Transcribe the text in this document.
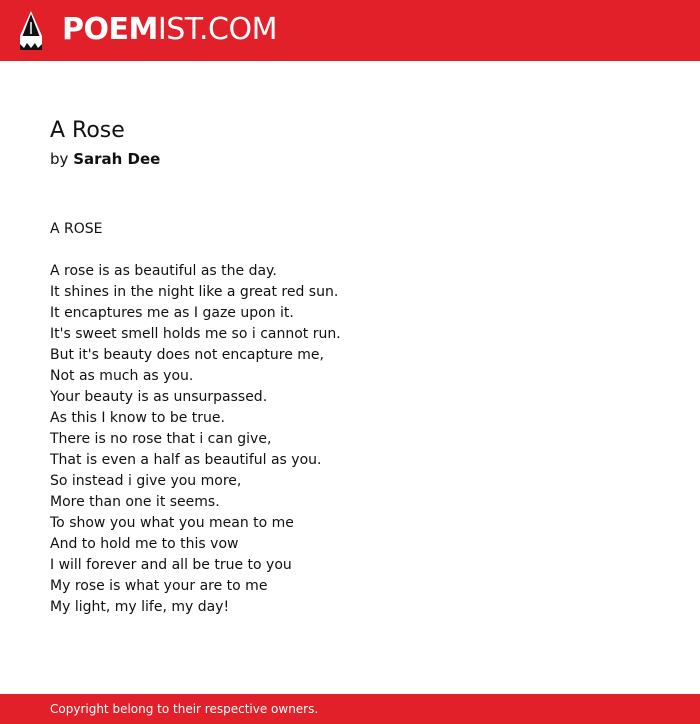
POEMIST.COM
A Rose
by Sarah Dee
A ROSE
A rose is as beautiful as the day.
It shines in the night like a great red sun.
It encaptures me as I gaze upon it.
It's sweet smell holds me so i cannot run.
But it's beauty does not encapture me,
Not as much as you.
Your beauty is as unsurpassed.
As this I know to be true.
There is no rose that i can give,
That is even a half as beautiful as you.
So instead i give you more,
More than one it seems.
To show you what you mean to me
And to hold me to this vow
I will forever and all be true to you
My rose is what your are to me
My light, my life, my day!
Copyright belong to their respective owners.
